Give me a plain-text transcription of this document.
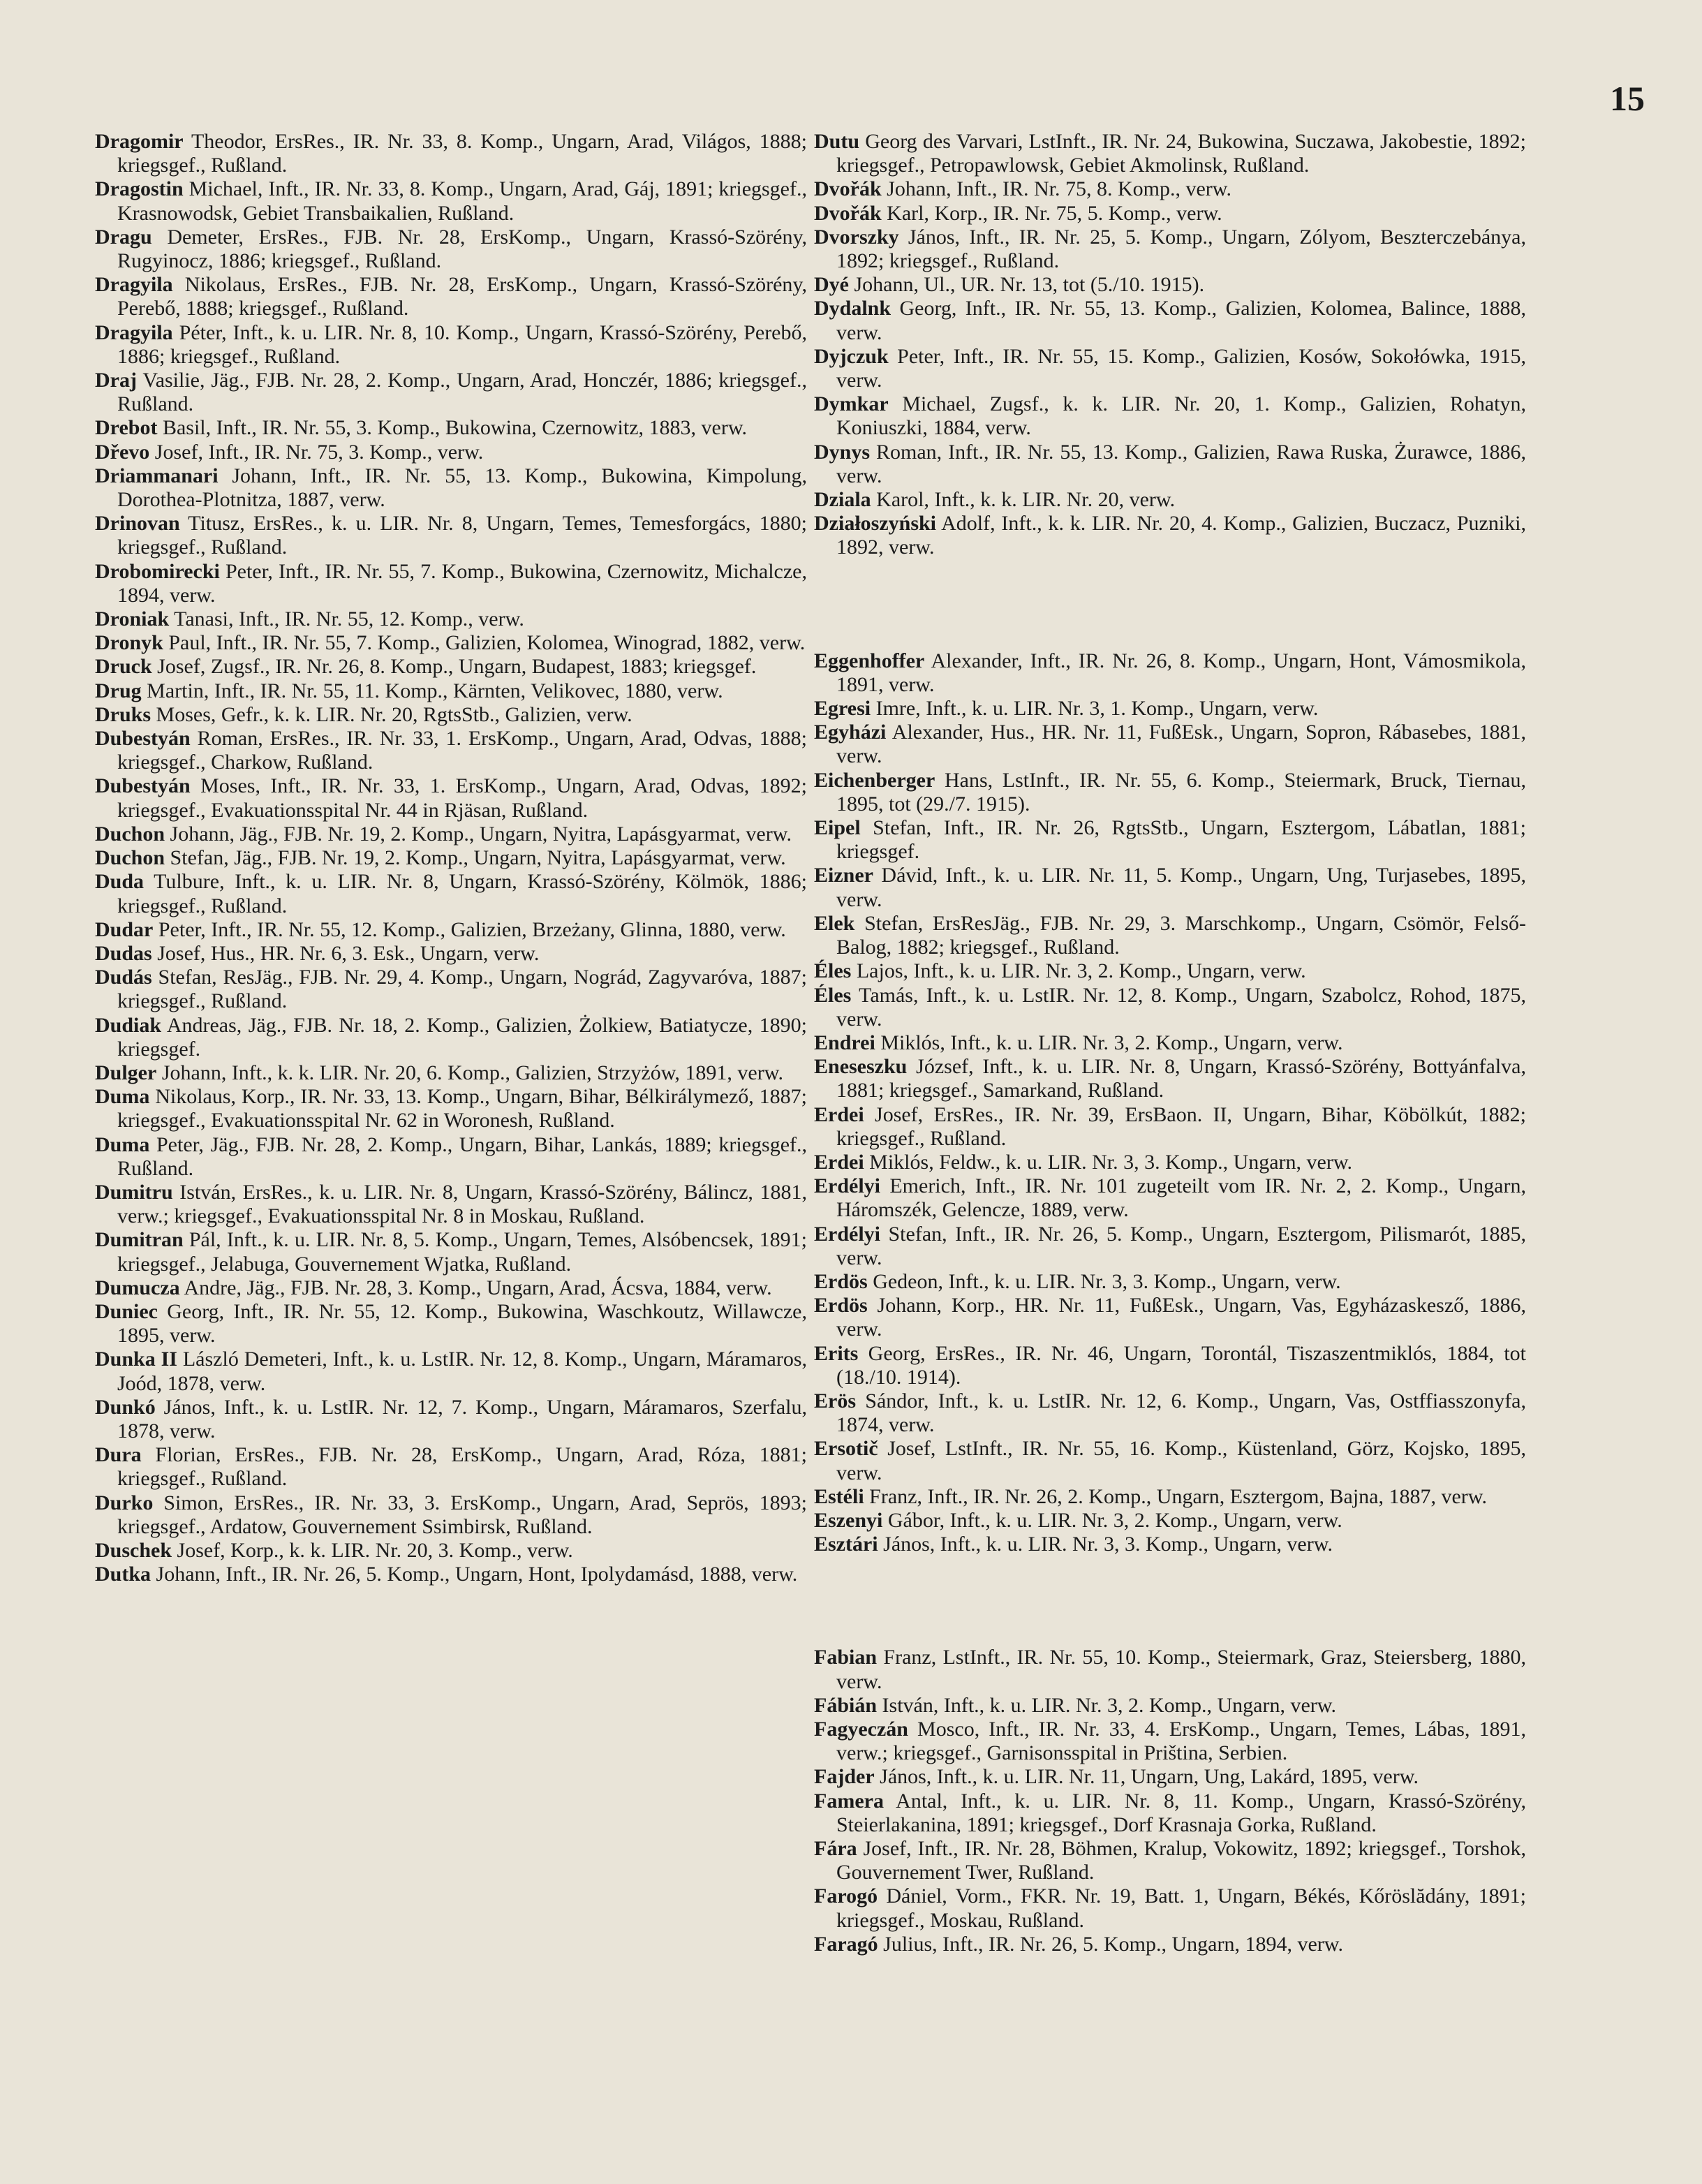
15

Dragomir Theodor, ErsRes., IR. Nr. 33, 8. Komp., Ungarn, Arad, Világos, 1888; kriegsgef., Rußland.

Dragostin Michael, Inft., IR. Nr. 33, 8. Komp., Ungarn, Arad, Gáj, 1891; kriegsgef., Krasnowodsk, Gebiet Transbaikalien, Rußland.

Dragu Demeter, ErsRes., FJB. Nr. 28, ErsKomp., Ungarn, Krassó-Szörény, Rugyinocz, 1886; kriegsgef., Rußland.

Dragyila Nikolaus, ErsRes., FJB. Nr. 28, ErsKomp., Ungarn, Krassó-Szörény, Perebő, 1888; kriegsgef., Rußland.

Dragyila Péter, Inft., k. u. LIR. Nr. 8, 10. Komp., Ungarn, Krassó-Szörény, Perebő, 1886; kriegsgef., Rußland.

Draj Vasilie, Jäg., FJB. Nr. 28, 2. Komp., Ungarn, Arad, Honczér, 1886; kriegsgef., Rußland.

Drebot Basil, Inft., IR. Nr. 55, 3. Komp., Bukowina, Czernowitz, 1883, verw.

Dřevo Josef, Inft., IR. Nr. 75, 3. Komp., verw.

Driammanari Johann, Inft., IR. Nr. 55, 13. Komp., Bukowina, Kimpolung, Dorothea-Plotnitza, 1887, verw.

Drinovan Titusz, ErsRes., k. u. LIR. Nr. 8, Ungarn, Temes, Temesforgács, 1880; kriegsgef., Rußland.

Drobomirecki Peter, Inft., IR. Nr. 55, 7. Komp., Bukowina, Czernowitz, Michalcze, 1894, verw.

Droniak Tanasi, Inft., IR. Nr. 55, 12. Komp., verw.

Dronyk Paul, Inft., IR. Nr. 55, 7. Komp., Galizien, Kolomea, Winograd, 1882, verw.

Druck Josef, Zugsf., IR. Nr. 26, 8. Komp., Ungarn, Budapest, 1883; kriegsgef.

Drug Martin, Inft., IR. Nr. 55, 11. Komp., Kärnten, Velikovec, 1880, verw.

Druks Moses, Gefr., k. k. LIR. Nr. 20, RgtsStb., Galizien, verw.

Dubestyán Roman, ErsRes., IR. Nr. 33, 1. ErsKomp., Ungarn, Arad, Odvas, 1888; kriegsgef., Charkow, Rußland.

Dubestyán Moses, Inft., IR. Nr. 33, 1. ErsKomp., Ungarn, Arad, Odvas, 1892; kriegsgef., Evakuationsspital Nr. 44 in Rjäsan, Rußland.

Duchon Johann, Jäg., FJB. Nr. 19, 2. Komp., Ungarn, Nyitra, Lapásgyarmat, verw.

Duchon Stefan, Jäg., FJB. Nr. 19, 2. Komp., Ungarn, Nyitra, Lapásgyarmat, verw.

Duda Tulbure, Inft., k. u. LIR. Nr. 8, Ungarn, Krassó-Szörény, Kölmök, 1886; kriegsgef., Rußland.

Dudar Peter, Inft., IR. Nr. 55, 12. Komp., Galizien, Brzeżany, Glinna, 1880, verw.

Dudas Josef, Hus., HR. Nr. 6, 3. Esk., Ungarn, verw.

Dudás Stefan, ResJäg., FJB. Nr. 29, 4. Komp., Ungarn, Nográd, Zagyvaróva, 1887; kriegsgef., Rußland.

Dudiak Andreas, Jäg., FJB. Nr. 18, 2. Komp., Galizien, Żolkiew, Batiatycze, 1890; kriegsgef.

Dulger Johann, Inft., k. k. LIR. Nr. 20, 6. Komp., Galizien, Strzyżów, 1891, verw.

Duma Nikolaus, Korp., IR. Nr. 33, 13. Komp., Ungarn, Bihar, Bélkirálymező, 1887; kriegsgef., Evakuationsspital Nr. 62 in Woronesh, Rußland.

Duma Peter, Jäg., FJB. Nr. 28, 2. Komp., Ungarn, Bihar, Lankás, 1889; kriegsgef., Rußland.

Dumitru István, ErsRes., k. u. LIR. Nr. 8, Ungarn, Krassó-Szörény, Bálincz, 1881, verw.; kriegsgef., Evakuationsspital Nr. 8 in Moskau, Rußland.

Dumitran Pál, Inft., k. u. LIR. Nr. 8, 5. Komp., Ungarn, Temes, Alsóbencsek, 1891; kriegsgef., Jelabuga, Gouvernement Wjatka, Rußland.

Dumucza Andre, Jäg., FJB. Nr. 28, 3. Komp., Ungarn, Arad, Ácsva, 1884, verw.

Duniec Georg, Inft., IR. Nr. 55, 12. Komp., Bukowina, Waschkoutz, Willawcze, 1895, verw.

Dunka II László Demeteri, Inft., k. u. LstIR. Nr. 12, 8. Komp., Ungarn, Máramaros, Joód, 1878, verw.

Dunkó János, Inft., k. u. LstIR. Nr. 12, 7. Komp., Ungarn, Máramaros, Szerfalu, 1878, verw.

Dura Florian, ErsRes., FJB. Nr. 28, ErsKomp., Ungarn, Arad, Róza, 1881; kriegsgef., Rußland.

Durko Simon, ErsRes., IR. Nr. 33, 3. ErsKomp., Ungarn, Arad, Seprös, 1893; kriegsgef., Ardatow, Gouvernement Ssimbirsk, Rußland.

Duschek Josef, Korp., k. k. LIR. Nr. 20, 3. Komp., verw.

Dutka Johann, Inft., IR. Nr. 26, 5. Komp., Ungarn, Hont, Ipolydamásd, 1888, verw.

Dutu Georg des Varvari, LstInft., IR. Nr. 24, Bukowina, Suczawa, Jakobestie, 1892; kriegsgef., Petropawlowsk, Gebiet Akmolinsk, Rußland.

Dvořák Johann, Inft., IR. Nr. 75, 8. Komp., verw.

Dvořák Karl, Korp., IR. Nr. 75, 5. Komp., verw.

Dvorszky János, Inft., IR. Nr. 25, 5. Komp., Ungarn, Zólyom, Beszterczebánya, 1892; kriegsgef., Rußland.

Dyé Johann, Ul., UR. Nr. 13, tot (5./10. 1915).

Dydalnk Georg, Inft., IR. Nr. 55, 13. Komp., Galizien, Kolomea, Balince, 1888, verw.

Dyjczuk Peter, Inft., IR. Nr. 55, 15. Komp., Galizien, Kosów, Sokołówka, 1915, verw.

Dymkar Michael, Zugsf., k. k. LIR. Nr. 20, 1. Komp., Galizien, Rohatyn, Koniuszki, 1884, verw.

Dynys Roman, Inft., IR. Nr. 55, 13. Komp., Galizien, Rawa Ruska, Żurawce, 1886, verw.

Dziala Karol, Inft., k. k. LIR. Nr. 20, verw.

Działoszyński Adolf, Inft., k. k. LIR. Nr. 20, 4. Komp., Galizien, Buczacz, Puzniki, 1892, verw.

Eggenhoffer Alexander, Inft., IR. Nr. 26, 8. Komp., Ungarn, Hont, Vámosmikola, 1891, verw.

Egresi Imre, Inft., k. u. LIR. Nr. 3, 1. Komp., Ungarn, verw.

Egyházi Alexander, Hus., HR. Nr. 11, FußEsk., Ungarn, Sopron, Rábasebes, 1881, verw.

Eichenberger Hans, LstInft., IR. Nr. 55, 6. Komp., Steiermark, Bruck, Tiernau, 1895, tot (29./7. 1915).

Eipel Stefan, Inft., IR. Nr. 26, RgtsStb., Ungarn, Esztergom, Lábatlan, 1881; kriegsgef.

Eizner Dávid, Inft., k. u. LIR. Nr. 11, 5. Komp., Ungarn, Ung, Turjasebes, 1895, verw.

Elek Stefan, ErsResJäg., FJB. Nr. 29, 3. Marschkomp., Ungarn, Csömör, Felső-Balog, 1882; kriegsgef., Rußland.

Éles Lajos, Inft., k. u. LIR. Nr. 3, 2. Komp., Ungarn, verw.

Éles Tamás, Inft., k. u. LstIR. Nr. 12, 8. Komp., Ungarn, Szabolcz, Rohod, 1875, verw.

Endrei Miklós, Inft., k. u. LIR. Nr. 3, 2. Komp., Ungarn, verw.

Eneseszku József, Inft., k. u. LIR. Nr. 8, Ungarn, Krassó-Szörény, Bottyánfalva, 1881; kriegsgef., Samarkand, Rußland.

Erdei Josef, ErsRes., IR. Nr. 39, ErsBaon. II, Ungarn, Bihar, Köbölkút, 1882; kriegsgef., Rußland.

Erdei Miklós, Feldw., k. u. LIR. Nr. 3, 3. Komp., Ungarn, verw.

Erdélyi Emerich, Inft., IR. Nr. 101 zugeteilt vom IR. Nr. 2, 2. Komp., Ungarn, Háromszék, Gelencze, 1889, verw.

Erdélyi Stefan, Inft., IR. Nr. 26, 5. Komp., Ungarn, Esztergom, Pilismarót, 1885, verw.

Erdös Gedeon, Inft., k. u. LIR. Nr. 3, 3. Komp., Ungarn, verw.

Erdös Johann, Korp., HR. Nr. 11, FußEsk., Ungarn, Vas, Egyházaskesző, 1886, verw.

Erits Georg, ErsRes., IR. Nr. 46, Ungarn, Torontál, Tiszaszentmiklós, 1884, tot (18./10. 1914).

Erös Sándor, Inft., k. u. LstIR. Nr. 12, 6. Komp., Ungarn, Vas, Ostffiasszonyfa, 1874, verw.

Ersotič Josef, LstInft., IR. Nr. 55, 16. Komp., Küstenland, Görz, Kojsko, 1895, verw.

Estéli Franz, Inft., IR. Nr. 26, 2. Komp., Ungarn, Esztergom, Bajna, 1887, verw.

Eszenyi Gábor, Inft., k. u. LIR. Nr. 3, 2. Komp., Ungarn, verw.

Esztári János, Inft., k. u. LIR. Nr. 3, 3. Komp., Ungarn, verw.

Fabian Franz, LstInft., IR. Nr. 55, 10. Komp., Steiermark, Graz, Steiersberg, 1880, verw.

Fábián István, Inft., k. u. LIR. Nr. 3, 2. Komp., Ungarn, verw.

Fagyeczán Mosco, Inft., IR. Nr. 33, 4. ErsKomp., Ungarn, Temes, Lábas, 1891, verw.; kriegsgef., Garnisonsspital in Priština, Serbien.

Fajder János, Inft., k. u. LIR. Nr. 11, Ungarn, Ung, Lakárd, 1895, verw.

Famera Antal, Inft., k. u. LIR. Nr. 8, 11. Komp., Ungarn, Krassó-Szörény, Steierlakanina, 1891; kriegsgef., Dorf Krasnaja Gorka, Rußland.

Fára Josef, Inft., IR. Nr. 28, Böhmen, Kralup, Vokowitz, 1892; kriegsgef., Torshok, Gouvernement Twer, Rußland.

Farogó Dániel, Vorm., FKR. Nr. 19, Batt. 1, Ungarn, Békés, Kőröslădány, 1891; kriegsgef., Moskau, Rußland.

Faragó Julius, Inft., IR. Nr. 26, 5. Komp., Ungarn, 1894, verw.
